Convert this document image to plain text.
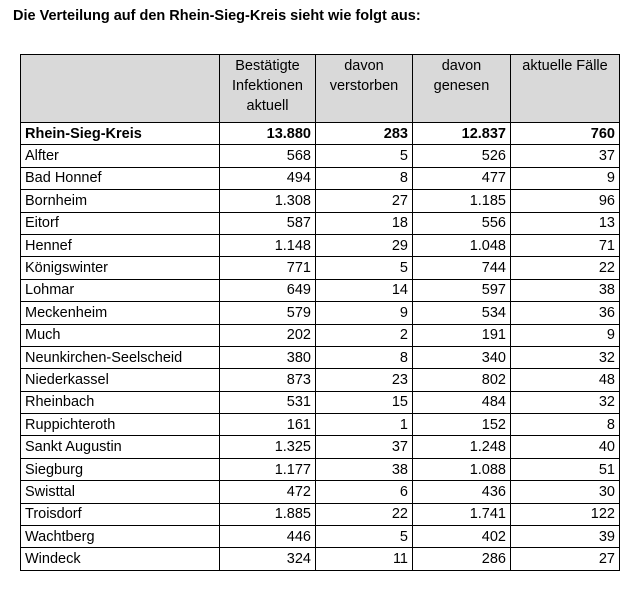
Die Verteilung auf den Rhein-Sieg-Kreis sieht wie folgt aus:
	Bestätigte Infektionen aktuell	davon verstorben	davon genesen	aktuelle Fälle
Rhein-Sieg-Kreis	13.880	283	12.837	760
Alfter	568	5	526	37
Bad Honnef	494	8	477	9
Bornheim	1.308	27	1.185	96
Eitorf	587	18	556	13
Hennef	1.148	29	1.048	71
Königswinter	771	5	744	22
Lohmar	649	14	597	38
Meckenheim	579	9	534	36
Much	202	2	191	9
Neunkirchen-Seelscheid	380	8	340	32
Niederkassel	873	23	802	48
Rheinbach	531	15	484	32
Ruppichteroth	161	1	152	8
Sankt Augustin	1.325	37	1.248	40
Siegburg	1.177	38	1.088	51
Swisttal	472	6	436	30
Troisdorf	1.885	22	1.741	122
Wachtberg	446	5	402	39
Windeck	324	11	286	27
